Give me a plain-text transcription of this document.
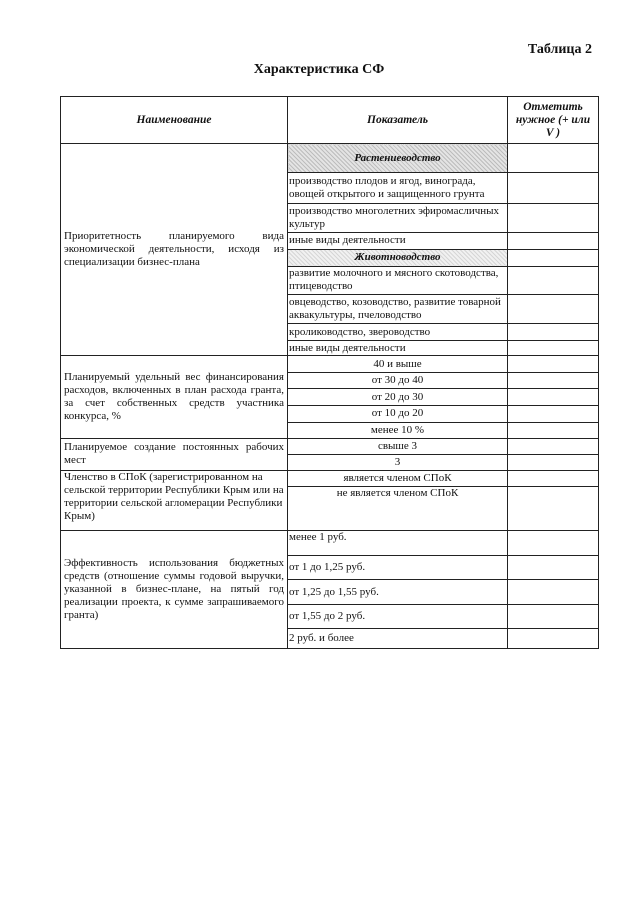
Таблица 2
Характеристика СФ
Наименование	Показатель	Отметить нужное (+ или V )
Приоритетность планируемого вида экономической деятельности, исходя из специализации бизнес-плана	Растениеводство	
	производство плодов и ягод, винограда, овощей открытого и защищенного грунта	
	производство многолетних эфиромасличных культур	
	иные виды деятельности	
	Животноводство	
	развитие молочного и мясного скотоводства, птицеводство	
	овцеводство, козоводство, развитие товарной аквакультуры, пчеловодство	
	кролиководство, звероводство	
	иные виды деятельности	
Планируемый удельный вес финансирования расходов, включенных в план расхода гранта, за счет собственных средств участника конкурса, %	40 и выше	
	от 30 до 40	
	от 20 до 30	
	от 10 до 20	
	менее 10 %	
Планируемое создание постоянных рабочих мест	свыше 3	
	3	
Членство в СПоК (зарегистрированном на сельской территории Республики Крым или на территории сельской агломерации Республики Крым)	является членом СПоК	
	не является членом СПоК	
Эффективность использования бюджетных средств (отношение суммы годовой выручки, указанной в бизнес-плане, на пятый год реализации проекта, к сумме запрашиваемого гранта)	менее 1 руб.	
	от 1 до 1,25 руб.	
	от 1,25 до 1,55 руб.	
	от 1,55 до 2 руб.	
	2 руб. и более	
